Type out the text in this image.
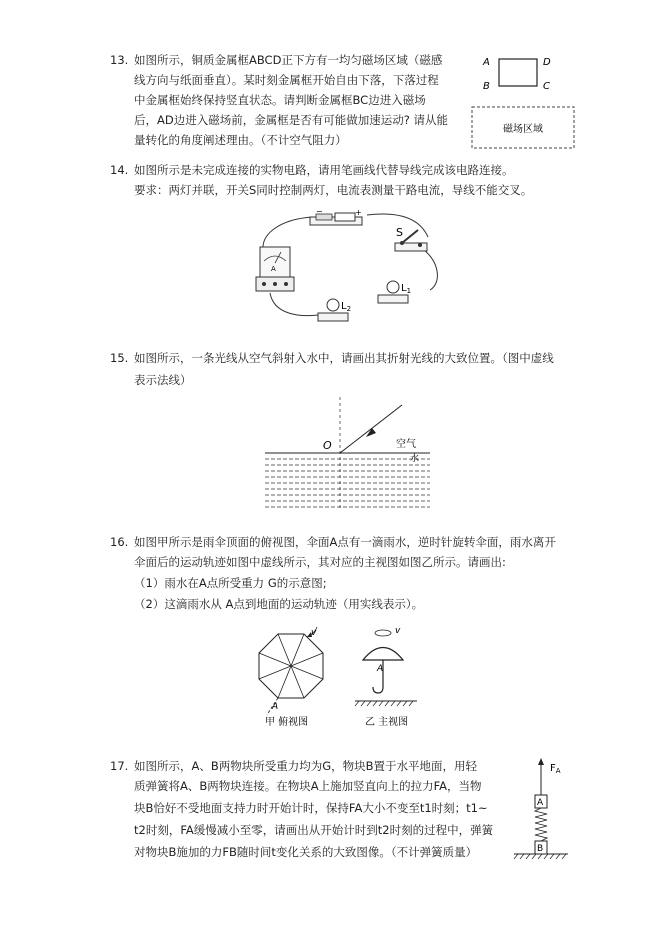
13. 如图所示，铜质金属框ABCD正下方有一均匀磁场区域（磁感
线方向与纸面垂直）。某时刻金属框开始自由下落，下落过程
中金属框始终保持竖直状态。请判断金属框BC边进入磁场
后，AD边进入磁场前，金属框是否有可能做加速运动? 请从能
量转化的角度阐述理由。（不计空气阻力）
A
B
D
C
磁场区域
14. 如图所示是未完成连接的实物电路，请用笔画线代替导线完成该电路连接。
要求：两灯并联，开关S同时控制两灯，电流表测量干路电流，导线不能交叉。
−	+
S
A
$L_2$
$L_1$
15. 如图所示，一条光线从空气斜射入水中，请画出其折射光线的大致位置。（图中虚线
表示法线）
O	空气
水
16. 如图甲所示是雨伞顶面的俯视图，伞面A点有一滴雨水，逆时针旋转伞面，雨水离开
伞面后的运动轨迹如图中虚线所示，其对应的主视图如图乙所示。请画出:
（1）雨水在A点所受重力 G的示意图;
（2）这滴雨水从 A点到地面的运动轨迹（用实线表示）。
v
A
甲 俯视图
v
A
乙 主视图
17. 如图所示，A、B两物块所受重力均为G，物块B置于水平地面，用轻
质弹簧将A、B两物块连接。在物块A上施加竖直向上的拉力FA，当物
块B恰好不受地面支持力时开始计时，保持FA大小不变至t1时刻；t1~
t2时刻，FA缓慢减小至零，请画出从开始计时到t2时刻的过程中，弹簧
对物块B施加的力FB随时间t变化关系的大致图像。（不计弹簧质量）
$F_A$
A
B
